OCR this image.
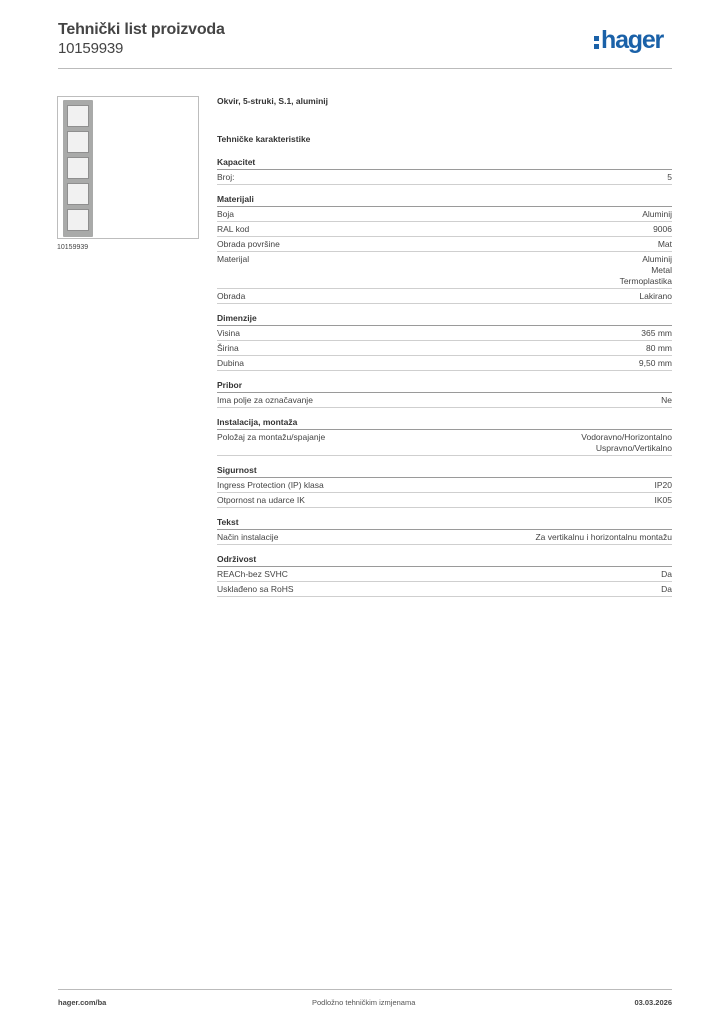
Tehnički list proizvoda
10159939	hager
10159939
Okvir, 5-struki, S.1, aluminij
Tehničke karakteristike
Kapacitet
Broj:	5
Materijali
Boja	Aluminij
RAL kod	9006
Obrada površine	Mat
Materijal	Aluminij
Metal
Termoplastika
Obrada	Lakirano
Dimenzije
Visina	365 mm
Širina	80 mm
Dubina	9,50 mm
Pribor
Ima polje za označavanje	Ne
Instalacija, montaža
Položaj za montažu/spajanje	Vodoravno/Horizontalno
Uspravno/Vertikalno
Sigurnost
Ingress Protection (IP) klasa	IP20
Otpornost na udarce IK	IK05
Tekst
Način instalacije	Za vertikalnu i horizontalnu montažu
Održivost
REACh-bez SVHC	Da
Usklađeno sa RoHS	Da
hager.com/ba	Podložno tehničkim izmjenama	03.03.2026
